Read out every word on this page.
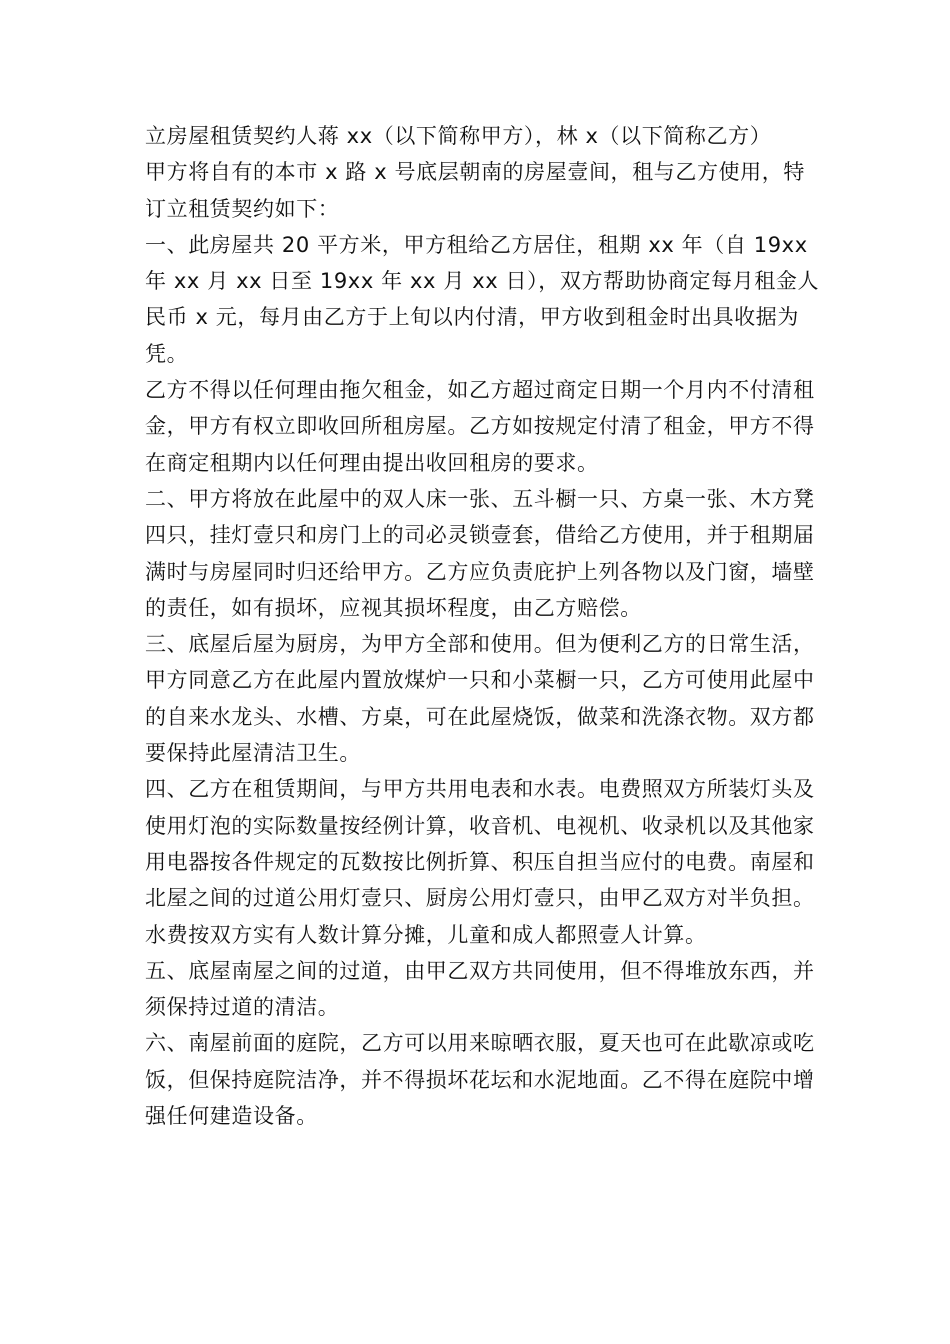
立房屋租赁契约人蒋 xx（以下简称甲方），林 x（以下简称乙方）

甲方将自有的本市 x 路 x 号底层朝南的房屋壹间，租与乙方使用，特订立租赁契约如下：

一、此房屋共 20 平方米，甲方租给乙方居住，租期 xx 年（自 19xx 年 xx 月 xx 日至 19xx 年 xx 月 xx 日），双方帮助协商定每月租金人民币 x 元，每月由乙方于上旬以内付清，甲方收到租金时出具收据为凭。

乙方不得以任何理由拖欠租金，如乙方超过商定日期一个月内不付清租金，甲方有权立即收回所租房屋。乙方如按规定付清了租金，甲方不得在商定租期内以任何理由提出收回租房的要求。

二、甲方将放在此屋中的双人床一张、五斗橱一只、方桌一张、木方凳四只，挂灯壹只和房门上的司必灵锁壹套，借给乙方使用，并于租期届满时与房屋同时归还给甲方。乙方应负责庇护上列各物以及门窗，墙壁的责任，如有损坏，应视其损坏程度，由乙方赔偿。

三、底屋后屋为厨房，为甲方全部和使用。但为便利乙方的日常生活，甲方同意乙方在此屋内置放煤炉一只和小菜橱一只，乙方可使用此屋中的自来水龙头、水槽、方桌，可在此屋烧饭，做菜和洗涤衣物。双方都要保持此屋清洁卫生。

四、乙方在租赁期间，与甲方共用电表和水表。电费照双方所装灯头及使用灯泡的实际数量按经例计算，收音机、电视机、收录机以及其他家用电器按各件规定的瓦数按比例折算、积压自担当应付的电费。南屋和北屋之间的过道公用灯壹只、厨房公用灯壹只，由甲乙双方对半负担。水费按双方实有人数计算分摊，儿童和成人都照壹人计算。

五、底屋南屋之间的过道，由甲乙双方共同使用，但不得堆放东西，并须保持过道的清洁。

六、南屋前面的庭院，乙方可以用来晾晒衣服，夏天也可在此歇凉或吃饭，但保持庭院洁净，并不得损坏花坛和水泥地面。乙不得在庭院中增强任何建造设备。
